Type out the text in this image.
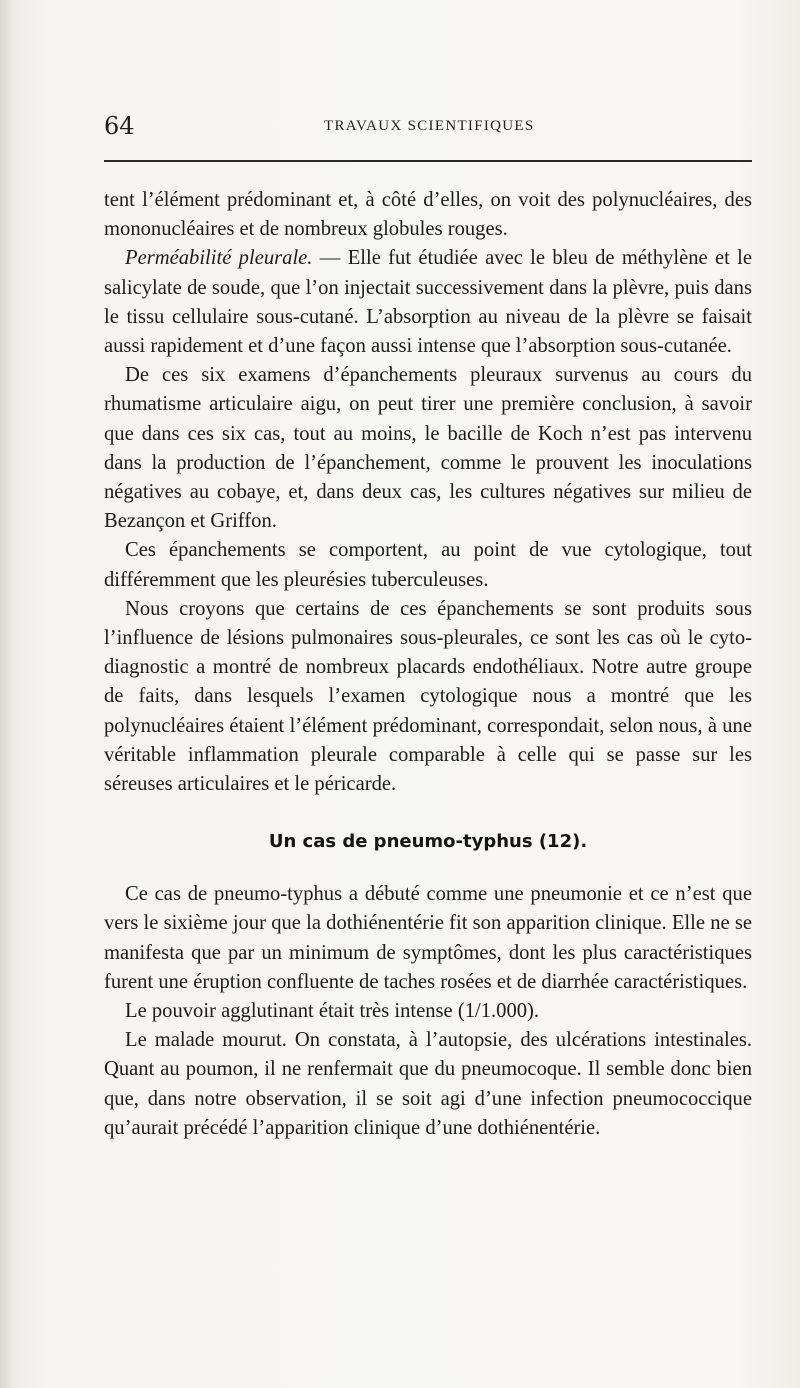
64	TRAVAUX SCIENTIFIQUES

tent l’élément prédominant et, à côté d’elles, on voit des polynucléaires, des mononucléaires et de nombreux globules rouges.

Perméabilité pleurale. — Elle fut étudiée avec le bleu de méthylène et le salicylate de soude, que l’on injectait successivement dans la plèvre, puis dans le tissu cellulaire sous-cutané. L’absorption au niveau de la plèvre se faisait aussi rapidement et d’une façon aussi intense que l’absorption sous-cutanée.

De ces six examens d’épanchements pleuraux survenus au cours du rhumatisme articulaire aigu, on peut tirer une première conclusion, à savoir que dans ces six cas, tout au moins, le bacille de Koch n’est pas intervenu dans la production de l’épanchement, comme le prouvent les inoculations négatives au cobaye, et, dans deux cas, les cultures négatives sur milieu de Bezançon et Griffon.

Ces épanchements se comportent, au point de vue cytologique, tout différemment que les pleurésies tuberculeuses.

Nous croyons que certains de ces épanchements se sont produits sous l’influence de lésions pulmonaires sous-pleurales, ce sont les cas où le cyto-diagnostic a montré de nombreux placards endothéliaux. Notre autre groupe de faits, dans lesquels l’examen cytologique nous a montré que les polynucléaires étaient l’élément prédominant, correspondait, selon nous, à une véritable inflammation pleurale comparable à celle qui se passe sur les séreuses articulaires et le péricarde.

Un cas de pneumo-typhus (12).

Ce cas de pneumo-typhus a débuté comme une pneumonie et ce n’est que vers le sixième jour que la dothiénentérie fit son apparition clinique. Elle ne se manifesta que par un minimum de symptômes, dont les plus caractéristiques furent une éruption confluente de taches rosées et de diarrhée caractéristiques.

Le pouvoir agglutinant était très intense (1/1.000).

Le malade mourut. On constata, à l’autopsie, des ulcérations intestinales. Quant au poumon, il ne renfermait que du pneumocoque. Il semble donc bien que, dans notre observation, il se soit agi d’une infection pneumococcique qu’aurait précédé l’apparition clinique d’une dothiénentérie.
